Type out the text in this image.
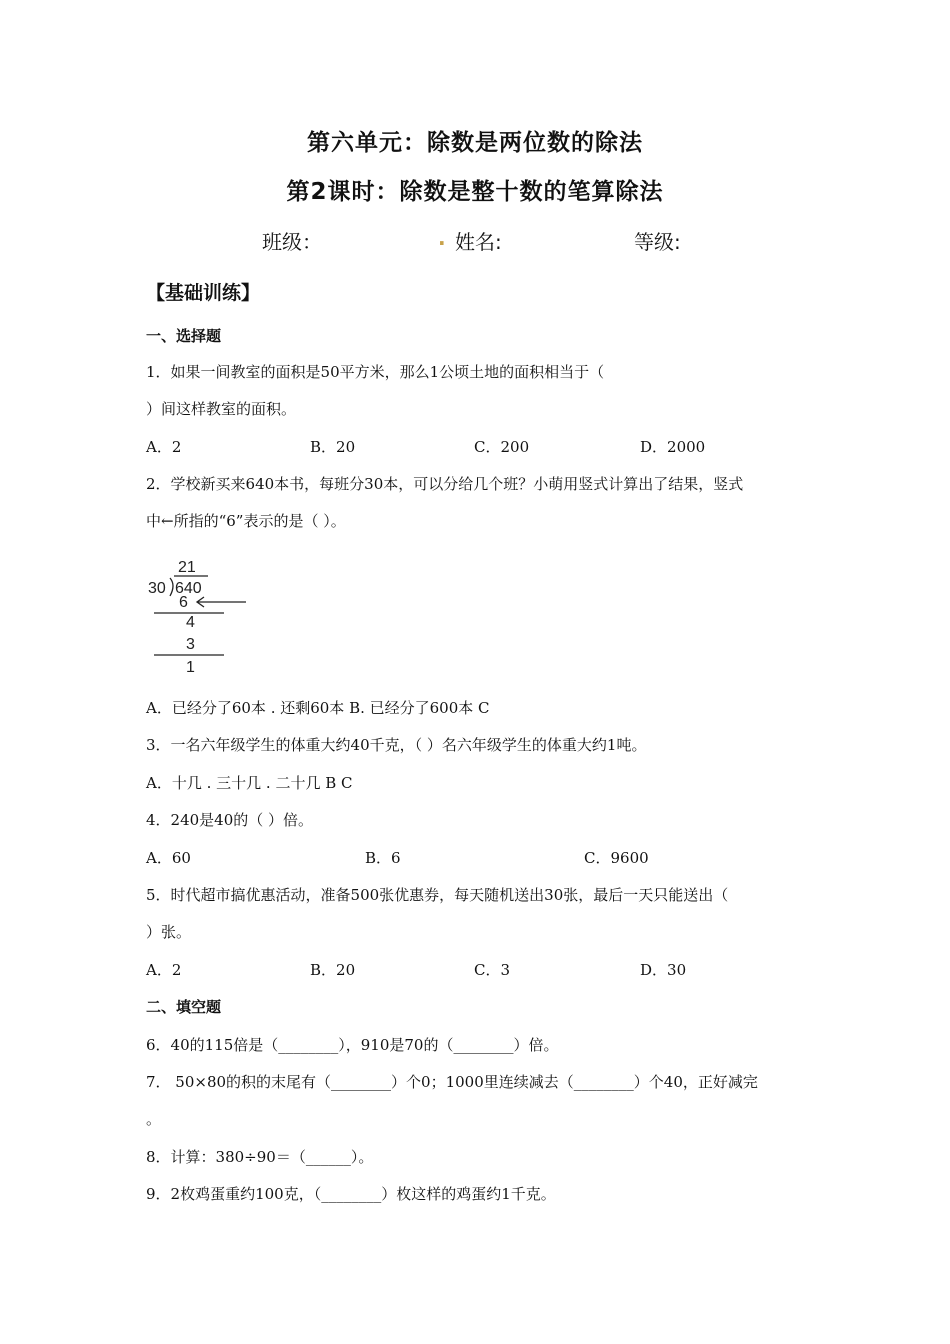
第六单元：除数是两位数的除法
第2课时：除数是整十数的笔算除法
班级：	. 姓名:	等级:
【基础训练】
一、选择题
1．如果一间教室的面积是50平方米，那么1公顷土地的面积相当于（
）间这样教室的面积。
A．2	B．20	C．200	D．2000
2．学校新买来640本书，每班分30本，可以分给几个班？小萌用竖式计算出了结果，竖式
中←所指的“6”表示的是（ ）。
21
30 640
6
4
3
1
A．已经分了60本 . 还剩60本 B. 已经分了600本 C
3．一名六年级学生的体重大约40千克，（ ）名六年级学生的体重大约1吨。
A．十几 . 三十几 . 二十几 B C
4．240是40的（ ）倍。
A．60	B．6	C．9600
5．时代超市搞优惠活动，准备500张优惠券，每天随机送出30张，最后一天只能送出（
）张。
A．2	B．20	C．3	D．30
二、填空题
6．40的115倍是（________），910是70的（________）倍。
7． 50×80的积的末尾有（________）个0；1000里连续减去（________）个40，正好减完
。
8．计算：380÷90＝（______）。
9．2枚鸡蛋重约100克，（________）枚这样的鸡蛋约1千克。
